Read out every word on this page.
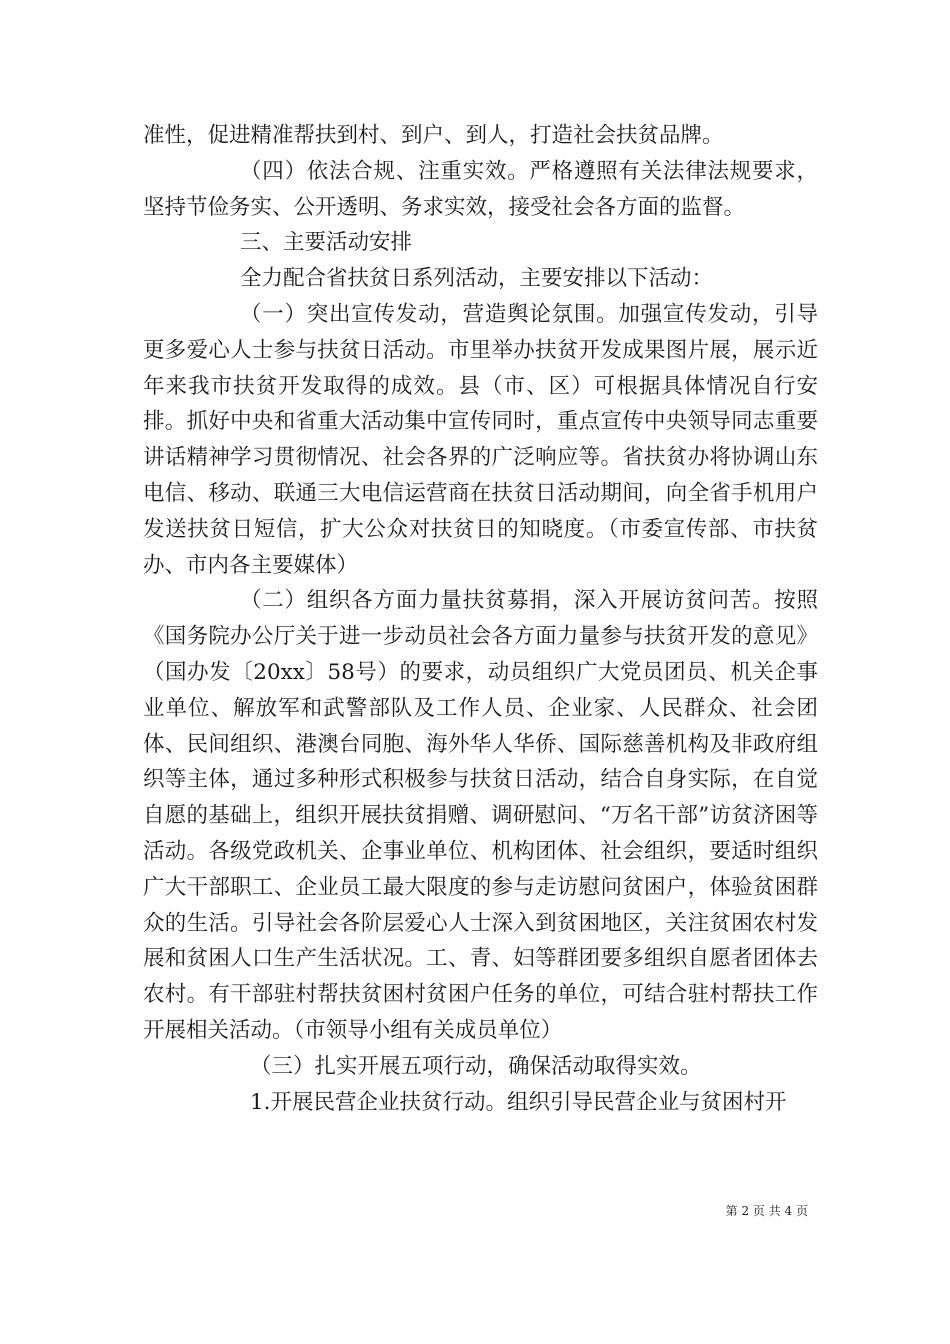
准性，促进精准帮扶到村、到户、到人，打造社会扶贫品牌。

（四）依法合规、注重实效。严格遵照有关法律法规要求，坚持节俭务实、公开透明、务求实效，接受社会各方面的监督。

三、主要活动安排

全力配合省扶贫日系列活动，主要安排以下活动：

（一）突出宣传发动，营造舆论氛围。加强宣传发动，引导更多爱心人士参与扶贫日活动。市里举办扶贫开发成果图片展，展示近年来我市扶贫开发取得的成效。县（市、区）可根据具体情况自行安排。抓好中央和省重大活动集中宣传同时，重点宣传中央领导同志重要讲话精神学习贯彻情况、社会各界的广泛响应等。省扶贫办将协调山东电信、移动、联通三大电信运营商在扶贫日活动期间，向全省手机用户发送扶贫日短信，扩大公众对扶贫日的知晓度。（市委宣传部、市扶贫办、市内各主要媒体）

（二）组织各方面力量扶贫募捐，深入开展访贫问苦。按照《国务院办公厅关于进一步动员社会各方面力量参与扶贫开发的意见》（国办发〔20xx〕58号）的要求，动员组织广大党员团员、机关企事业单位、解放军和武警部队及工作人员、企业家、人民群众、社会团体、民间组织、港澳台同胞、海外华人华侨、国际慈善机构及非政府组织等主体，通过多种形式积极参与扶贫日活动，结合自身实际，在自觉自愿的基础上，组织开展扶贫捐赠、调研慰问、“万名干部”访贫济困等活动。各级党政机关、企事业单位、机构团体、社会组织，要适时组织广大干部职工、企业员工最大限度的参与走访慰问贫困户，体验贫困群众的生活。引导社会各阶层爱心人士深入到贫困地区，关注贫困农村发展和贫困人口生产生活状况。工、青、妇等群团要多组织自愿者团体去农村。有干部驻村帮扶贫困村贫困户任务的单位，可结合驻村帮扶工作开展相关活动。（市领导小组有关成员单位）

（三）扎实开展五项行动，确保活动取得实效。

1.开展民营企业扶贫行动。组织引导民营企业与贫困村开

第 2 页 共 4 页
